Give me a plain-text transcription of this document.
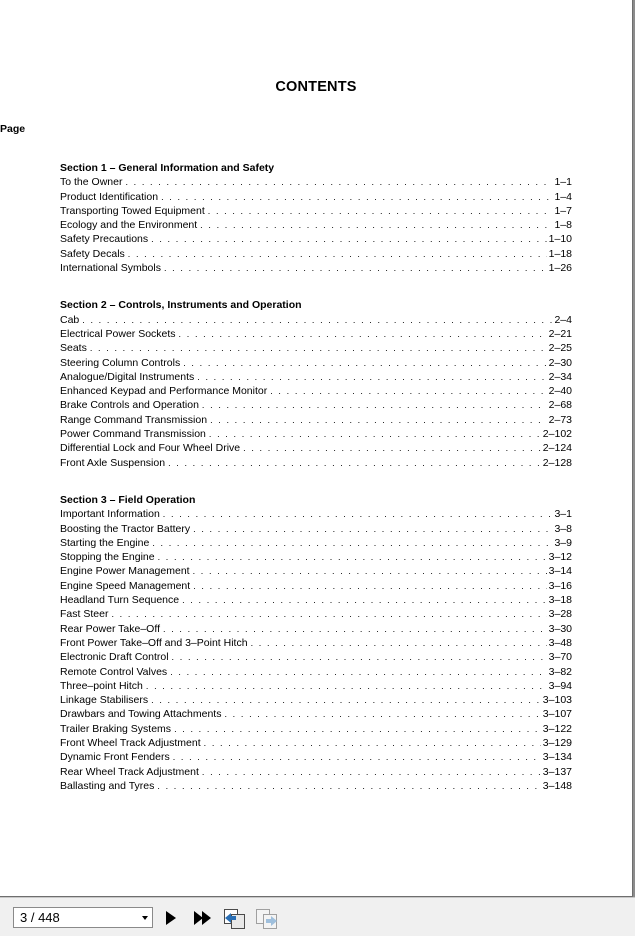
CONTENTS
Page
Section 1 – General Information and Safety
To the Owner . . .	1–1
Product Identification . . .	1–4
Transporting Towed Equipment . . .	1–7
Ecology and the Environment . . .	1–8
Safety Precautions . . .	1–10
Safety Decals . . .	1–18
International Symbols . . .	1–26
Section 2 – Controls, Instruments and Operation
Cab . . .	2–4
Electrical Power Sockets . . .	2–21
Seats . . .	2–25
Steering Column Controls . . .	2–30
Analogue/Digital Instruments . . .	2–34
Enhanced Keypad and Performance Monitor . . .	2–40
Brake Controls and Operation . . .	2–68
Range Command Transmission . . .	2–73
Power Command Transmission . . .	2–102
Differential Lock and Four Wheel Drive . . .	2–124
Front Axle Suspension . . .	2–128
Section 3 – Field Operation
Important Information . . .	3–1
Boosting the Tractor Battery . . .	3–8
Starting the Engine . . .	3–9
Stopping the Engine . . .	3–12
Engine Power Management . . .	3–14
Engine Speed Management . . .	3–16
Headland Turn Sequence . . .	3–18
Fast Steer . . .	3–28
Rear Power Take–Off . . .	3–30
Front Power Take–Off and 3–Point Hitch . . .	3–48
Electronic Draft Control . . .	3–70
Remote Control Valves . . .	3–82
Three–point Hitch . . .	3–94
Linkage Stabilisers . . .	3–103
Drawbars and Towing Attachments . . .	3–107
Trailer Braking Systems . . .	3–122
Front Wheel Track Adjustment . . .	3–129
Dynamic Front Fenders . . .	3–134
Rear Wheel Track Adjustment . . .	3–137
Ballasting and Tyres . . .	3–148
3 / 448
